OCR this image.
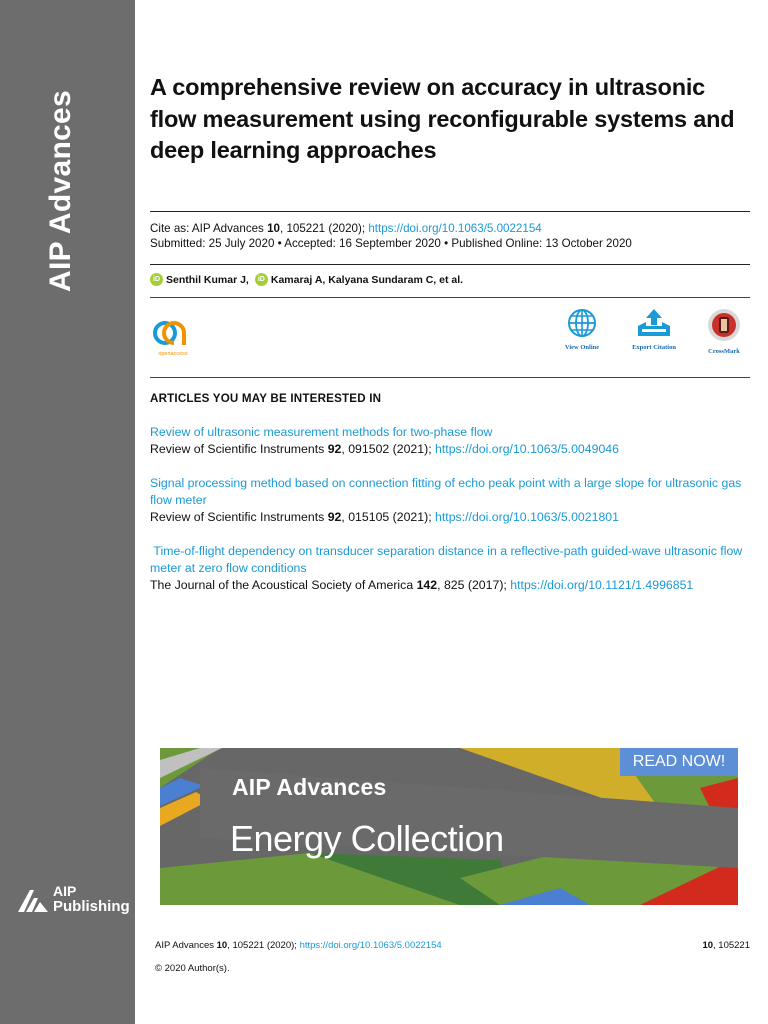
AIP Advances
AIP
Publishing
A comprehensive review on accuracy in ultrasonic flow measurement using reconfigurable systems and deep learning approaches
Cite as: AIP Advances 10, 105221 (2020); https://doi.org/10.1063/5.0022154
Submitted: 25 July 2020 • Accepted: 16 September 2020 • Published Online: 13 October 2020
iD Senthil Kumar J,	iD Kamaraj A, Kalyana Sundaram C, et al.
openaccess
View Online	Export Citation
CrossMark
ARTICLES YOU MAY BE INTERESTED IN
Review of ultrasonic measurement methods for two-phase flow
Review of Scientific Instruments 92, 091502 (2021); https://doi.org/10.1063/5.0049046
Signal processing method based on connection fitting of echo peak point with a large slope for ultrasonic gas flow meter
Review of Scientific Instruments 92, 015105 (2021); https://doi.org/10.1063/5.0021801
Time-of-flight dependency on transducer separation distance in a reflective-path guided-wave ultrasonic flow meter at zero flow conditions
The Journal of the Acoustical Society of America 142, 825 (2017); https://doi.org/10.1121/1.4996851
READ NOW!
AIP Advances
Energy Collection
AIP Advances 10, 105221 (2020); https://doi.org/10.1063/5.0022154	10, 105221
© 2020 Author(s).
